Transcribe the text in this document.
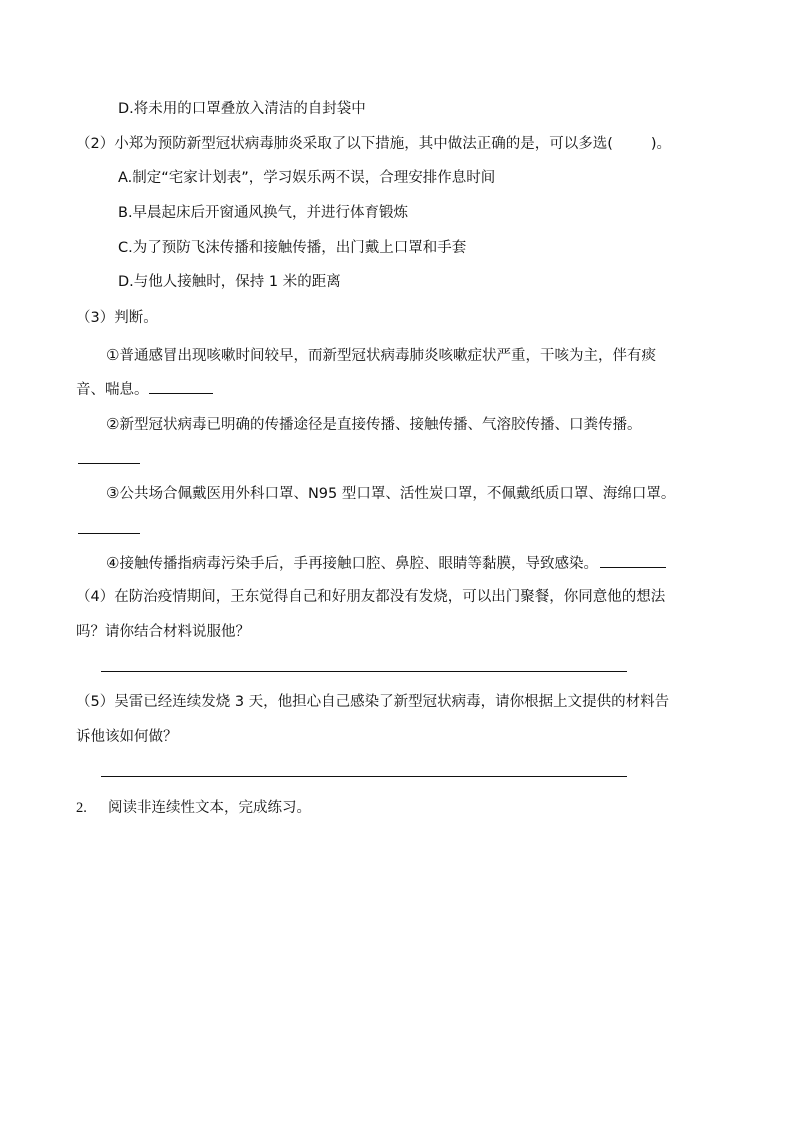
D.将未用的口罩叠放入清洁的自封袋中
（2）小郑为预防新型冠状病毒肺炎采取了以下措施，其中做法正确的是，可以多选(	)。
A.制定“宅家计划表”，学习娱乐两不误，合理安排作息时间
B.早晨起床后开窗通风换气，并进行体育锻炼
C.为了预防飞沫传播和接触传播，出门戴上口罩和手套
D.与他人接触时，保持 1 米的距离
（3）判断。
①普通感冒出现咳嗽时间较早，而新型冠状病毒肺炎咳嗽症状严重，干咳为主，伴有痰
音、喘息。
②新型冠状病毒已明确的传播途径是直接传播、接触传播、气溶胶传播、口粪传播。
③公共场合佩戴医用外科口罩、N95 型口罩、活性炭口罩，不佩戴纸质口罩、海绵口罩。
④接触传播指病毒污染手后，手再接触口腔、鼻腔、眼睛等黏膜，导致感染。
（4）在防治疫情期间，王东觉得自己和好朋友都没有发烧，可以出门聚餐，你同意他的想法
吗？请你结合材料说服他？
（5）吴雷已经连续发烧 3 天，他担心自己感染了新型冠状病毒，请你根据上文提供的材料告
诉他该如何做？
2. 阅读非连续性文本，完成练习。
